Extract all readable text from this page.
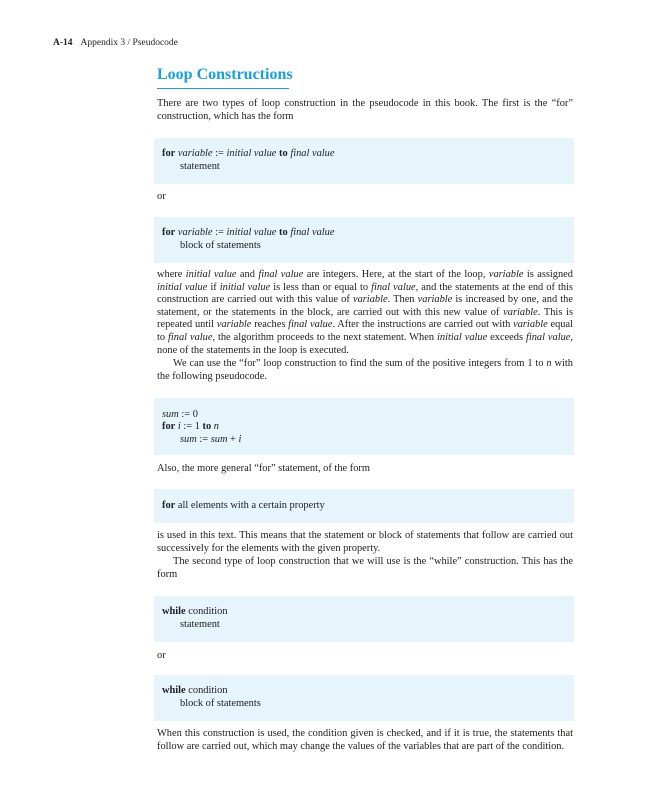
A-14 Appendix 3 / Pseudocode
Loop Constructions

There are two types of loop construction in the pseudocode in this book. The first is the “for” construction, which has the form

for variable := initial value to final value
statement
or
for variable := initial value to final value
block of statements

where initial value and final value are integers. Here, at the start of the loop, variable is assigned initial value if initial value is less than or equal to final value, and the statements at the end of this construction are carried out with this value of variable. Then variable is increased by one, and the statement, or the statements in the block, are carried out with this new value of variable. This is repeated until variable reaches final value. After the instructions are carried out with variable equal to final value, the algorithm proceeds to the next statement. When initial value exceeds final value, none of the statements in the loop is executed.

We can use the “for” loop construction to find the sum of the positive integers from 1 to n with the following pseudocode.

sum := 0
for i := 1 to n
sum := sum + i

Also, the more general “for” statement, of the form

for all elements with a certain property

is used in this text. This means that the statement or block of statements that follow are carried out successively for the elements with the given property.

The second type of loop construction that we will use is the “while” construction. This has the form

while condition
statement
or
while condition
block of statements

When this construction is used, the condition given is checked, and if it is true, the statements that follow are carried out, which may change the values of the variables that are part of the condition.
